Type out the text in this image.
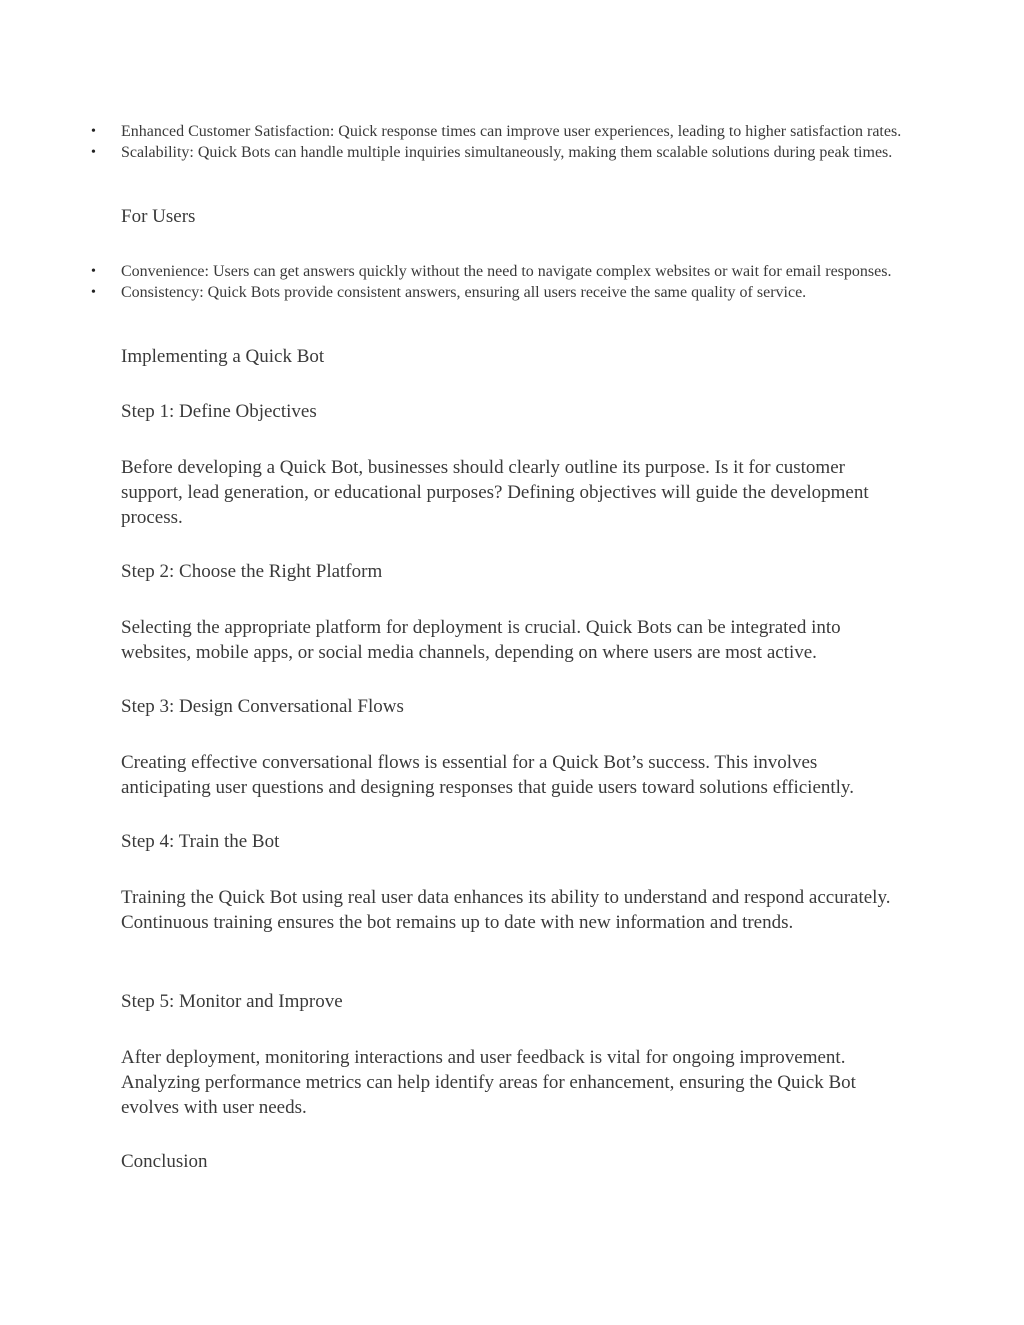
• Enhanced Customer Satisfaction: Quick response times can improve user experiences, leading to higher satisfaction rates.
• Scalability: Quick Bots can handle multiple inquiries simultaneously, making them scalable solutions during peak times.
For Users
• Convenience: Users can get answers quickly without the need to navigate complex websites or wait for email responses.
• Consistency: Quick Bots provide consistent answers, ensuring all users receive the same quality of service.
Implementing a Quick Bot
Step 1: Define Objectives

Before developing a Quick Bot, businesses should clearly outline its purpose. Is it for customer support, lead generation, or educational purposes? Defining objectives will guide the development process.

Step 2: Choose the Right Platform

Selecting the appropriate platform for deployment is crucial. Quick Bots can be integrated into websites, mobile apps, or social media channels, depending on where users are most active.

Step 3: Design Conversational Flows

Creating effective conversational flows is essential for a Quick Bot’s success. This involves anticipating user questions and designing responses that guide users toward solutions efficiently.

Step 4: Train the Bot

Training the Quick Bot using real user data enhances its ability to understand and respond accurately. Continuous training ensures the bot remains up to date with new information and trends.

Step 5: Monitor and Improve

After deployment, monitoring interactions and user feedback is vital for ongoing improvement. Analyzing performance metrics can help identify areas for enhancement, ensuring the Quick Bot evolves with user needs.

Conclusion
